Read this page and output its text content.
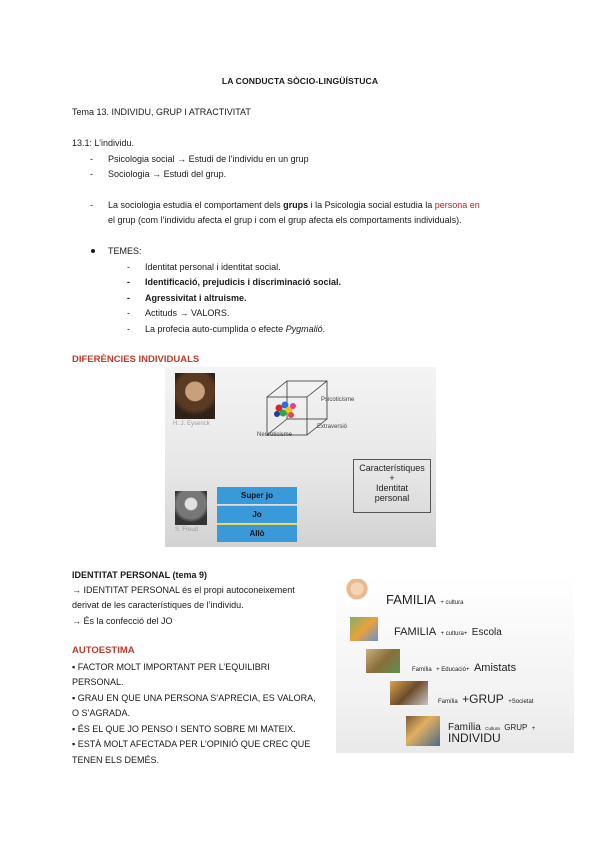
LA CONDUCTA SÒCIO-LINGÜÍSTUCA
Tema 13. INDIVIDU, GRUP I ATRACTIVITAT
13.1: L’individu.
- Psicologia social → Estudi de l’individu en un grup
- Sociologia → Estudi del grup.
- La sociologia estudia el comportament dels grups i la Psicologia social estudia la persona en
el grup (com l’individu afecta el grup i com el grup afecta els comportaments individuals).
TEMES:
- Identitat personal i identitat social.
- Identificació, prejudicis i discriminació social.
- Agressivitat i altruisme.
- Actituds → VALORS.
- La profecia auto-cumplida o efecte Pygmalió.
DIFERÈNCIES INDIVIDUALS
H. J. Eysenck
Psicoticisme
Extraversió
Neuroticisme
S. Freud
Super jo
Jo
Allò
Característiques
+
Identitat
personal
IDENTITAT PERSONAL (tema 9)
→ IDENTITAT PERSONAL és el propi autoconeixement
derivat de les característiques de l’individu.
→ És la confecció del JO
AUTOESTIMA
▪ FACTOR MOLT IMPORTANT PER L’EQUILIBRI
PERSONAL.
▪ GRAU EN QUE UNA PERSONA S’APRECIA, ES VALORA,
O S’AGRADA.
▪ ÉS EL QUE JO PENSO I SENTO SOBRE MI MATEIX.
▪ ESTÀ MOLT AFECTADA PER L’OPINIÓ QUE CREC QUE
TENEN ELS DEMÉS.
FAMILIA + cultura
FAMILIA + cultura+ Escola
Família + Educació+ Amistats
Família +GRUP +Societat
Família Cultura GRUP +
INDIVIDU
